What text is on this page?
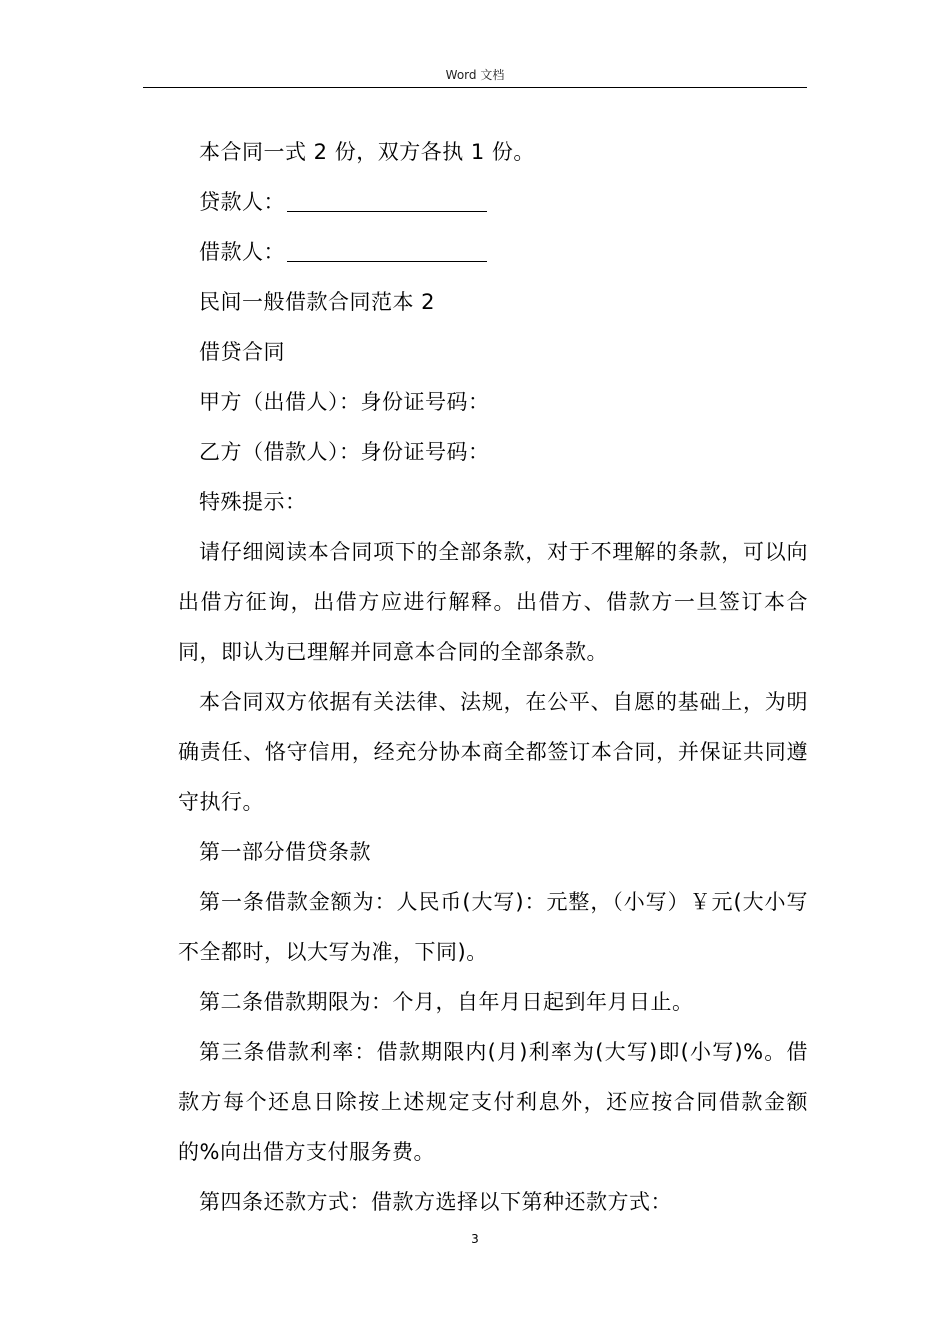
Word 文档

本合同一式 2 份，双方各执 1 份。

贷款人：

借款人：

民间一般借款合同范本 2

借贷合同

甲方（出借人）：身份证号码：

乙方（借款人）：身份证号码：

特殊提示：

请仔细阅读本合同项下的全部条款，对于不理解的条款，可以向出借方征询，出借方应进行解释。出借方、借款方一旦签订本合同，即认为已理解并同意本合同的全部条款。

本合同双方依据有关法律、法规，在公平、自愿的基础上，为明确责任、恪守信用，经充分协本商全都签订本合同，并保证共同遵守执行。

第一部分借贷条款

第一条借款金额为：人民币(大写)：元整，（小写）￥元(大小写不全都时，以大写为准，下同)。

第二条借款期限为：个月，自年月日起到年月日止。

第三条借款利率：借款期限内(月)利率为(大写)即(小写)%。借款方每个还息日除按上述规定支付利息外，还应按合同借款金额的%向出借方支付服务费。

第四条还款方式：借款方选择以下第种还款方式：

3
